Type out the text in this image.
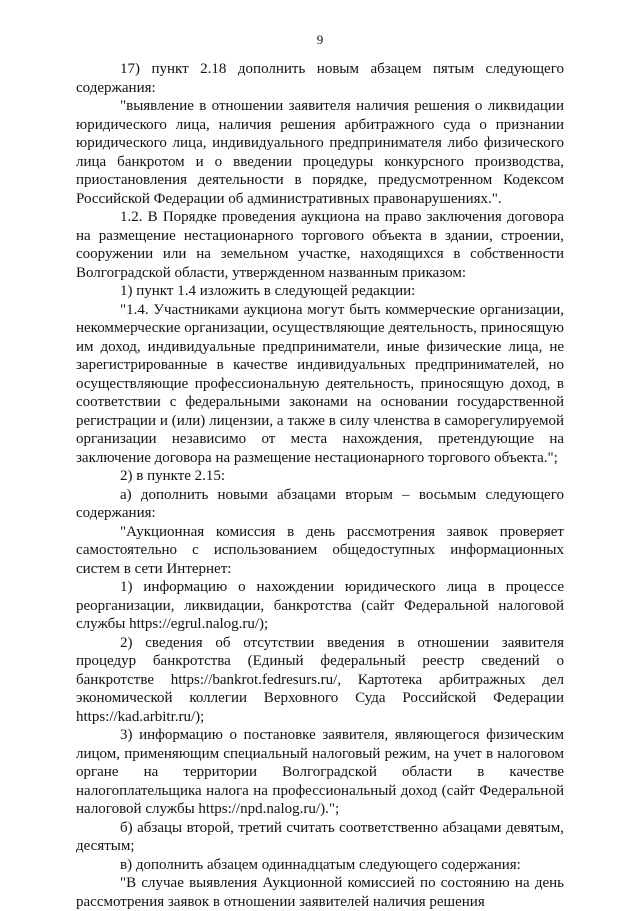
9

17) пункт 2.18 дополнить новым абзацем пятым следующего содержания:

"выявление в отношении заявителя наличия решения о ликвидации юридического лица, наличия решения арбитражного суда о признании юридического лица, индивидуального предпринимателя либо физического лица банкротом и о введении процедуры конкурсного производства, приостановления деятельности в порядке, предусмотренном Кодексом Российской Федерации об административных правонарушениях.".

1.2. В Порядке проведения аукциона на право заключения договора на размещение нестационарного торгового объекта в здании, строении, сооружении или на земельном участке, находящихся в собственности Волгоградской области, утвержденном названным приказом:

1) пункт 1.4 изложить в следующей редакции:

"1.4. Участниками аукциона могут быть коммерческие организации, некоммерческие организации, осуществляющие деятельность, приносящую им доход, индивидуальные предприниматели, иные физические лица, не зарегистрированные в качестве индивидуальных предпринимателей, но осуществляющие профессиональную деятельность, приносящую доход, в соответствии с федеральными законами на основании государственной регистрации и (или) лицензии, а также в силу членства в саморегулируемой организации независимо от места нахождения, претендующие на заключение договора на размещение нестационарного торгового объекта.";

2) в пункте 2.15:

а) дополнить новыми абзацами вторым – восьмым следующего содержания:

"Аукционная комиссия в день рассмотрения заявок проверяет самостоятельно с использованием общедоступных информационных систем в сети Интернет:

1) информацию о нахождении юридического лица в процессе реорганизации, ликвидации, банкротства (сайт Федеральной налоговой службы https://egrul.nalog.ru/);

2) сведения об отсутствии введения в отношении заявителя процедур банкротства (Единый федеральный реестр сведений о банкротстве https://bankrot.fedresurs.ru/, Картотека арбитражных дел экономической коллегии Верховного Суда Российской Федерации https://kad.arbitr.ru/);

3) информацию о постановке заявителя, являющегося физическим лицом, применяющим специальный налоговый режим, на учет в налоговом органе на территории Волгоградской области в качестве налогоплательщика налога на профессиональный доход (сайт Федеральной налоговой службы https://npd.nalog.ru/).";

б) абзацы второй, третий считать соответственно абзацами девятым, десятым;

в) дополнить абзацем одиннадцатым следующего содержания:

"В случае выявления Аукционной комиссией по состоянию на день рассмотрения заявок в отношении заявителей наличия решения
